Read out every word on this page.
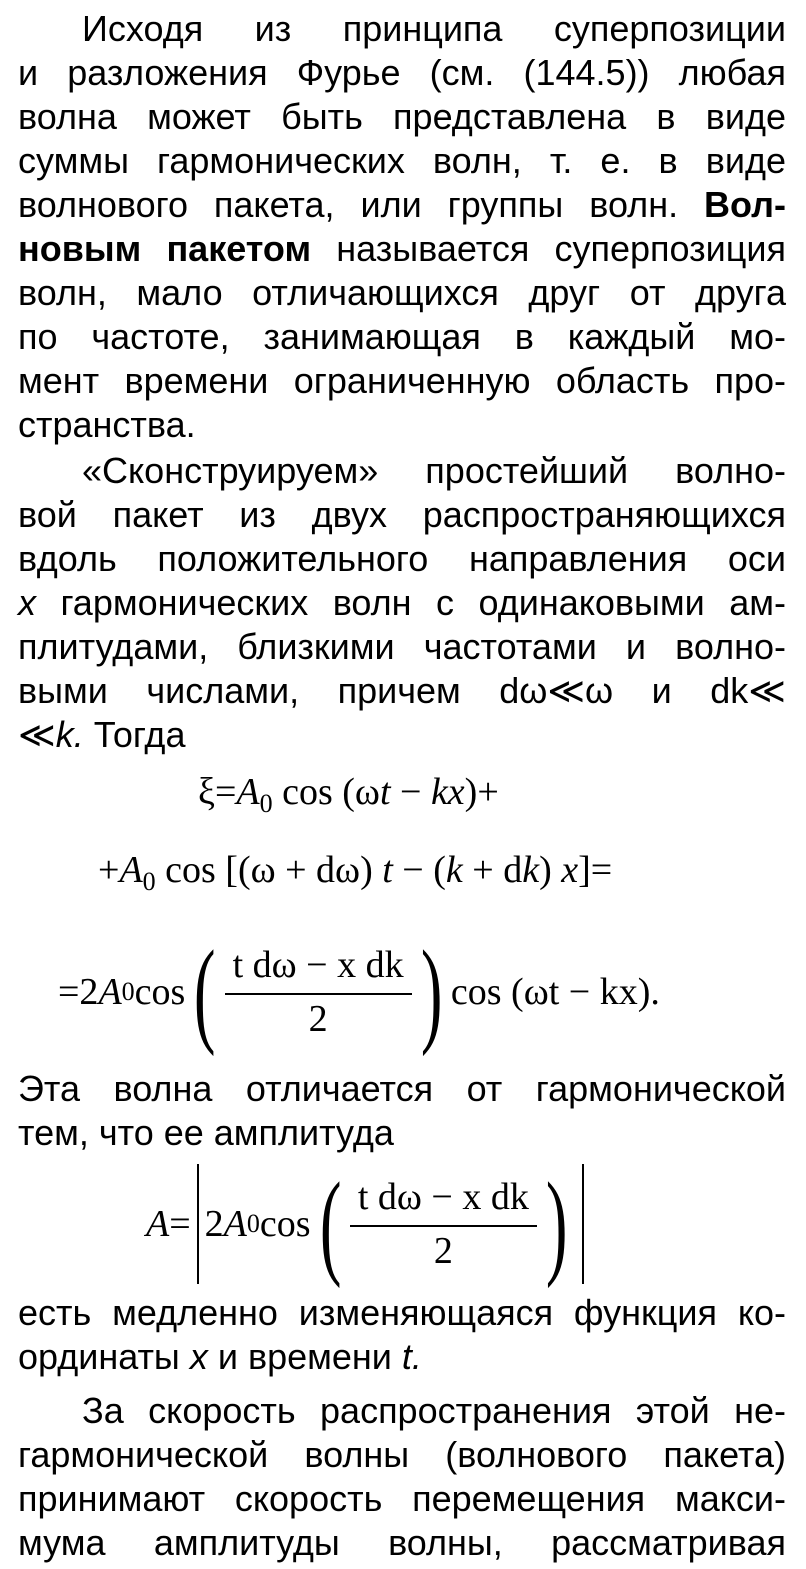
Исходя из принципа суперпозиции
и разложения Фурье (см. (144.5)) любая
волна может быть представлена в виде
суммы гармонических волн, т. е. в виде
волнового пакета, или группы волн. Вол-
новым пакетом называется суперпозиция
волн, мало отличающихся друг от друга
по частоте, занимающая в каждый мо-
мент времени ограниченную область про-
странства.
«Сконструируем» простейший волно-
вой пакет из двух распространяющихся
вдоль положительного направления оси
x гармонических волн с одинаковыми ам-
плитудами, близкими частотами и волно-
выми числами, причем dω≪ω и dk≪
≪k. Тогда
$\xi=A_0$ cos (ωt − kx)+
$+A_0$ cos [(ω + dω) t − (k + dk) x]=
=2 A 0 cos ( $\frac{\text{t dω − x dk}}{2}$ ) cos (ωt − kx).
Эта волна отличается от гармонической
тем, что ее амплитуда
A = 2 A 0 cos ( $\frac{\text{t dω − x dk}}{2}$ )
есть медленно изменяющаяся функция ко-
ординаты x и времени t.
За скорость распространения этой не-
гармонической волны (волнового пакета)
принимают скорость перемещения макси-
мума амплитуды волны, рассматривая
